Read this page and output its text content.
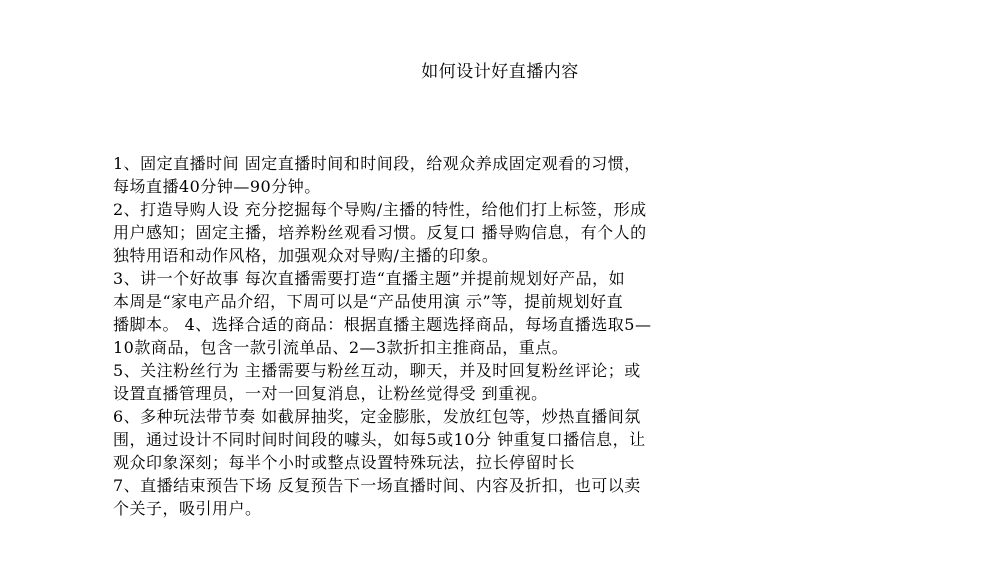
如何设计好直播内容
1、固定直播时间 固定直播时间和时间段，给观众养成固定观看的习惯，
每场直播40分钟—90分钟。
2、打造导购人设 充分挖掘每个导购/主播的特性，给他们打上标签，形成
用户感知；固定主播，培养粉丝观看习惯。反复口 播导购信息，有个人的
独特用语和动作风格，加强观众对导购/主播的印象。
3、讲一个好故事 每次直播需要打造“直播主题”并提前规划好产品，如
本周是“家电产品介绍，下周可以是“产品使用演 示”等，提前规划好直
播脚本。 4、选择合适的商品：根据直播主题选择商品，每场直播选取5—
10款商品，包含一款引流单品、2—3款折扣主推商品，重点。
5、关注粉丝行为 主播需要与粉丝互动，聊天，并及时回复粉丝评论；或
设置直播管理员，一对一回复消息，让粉丝觉得受 到重视。
6、多种玩法带节奏 如截屏抽奖，定金膨胀，发放红包等，炒热直播间氛
围，通过设计不同时间时间段的噱头，如每5或10分 钟重复口播信息，让
观众印象深刻；每半个小时或整点设置特殊玩法，拉长停留时长
7、直播结束预告下场 反复预告下一场直播时间、内容及折扣，也可以卖
个关子，吸引用户。
